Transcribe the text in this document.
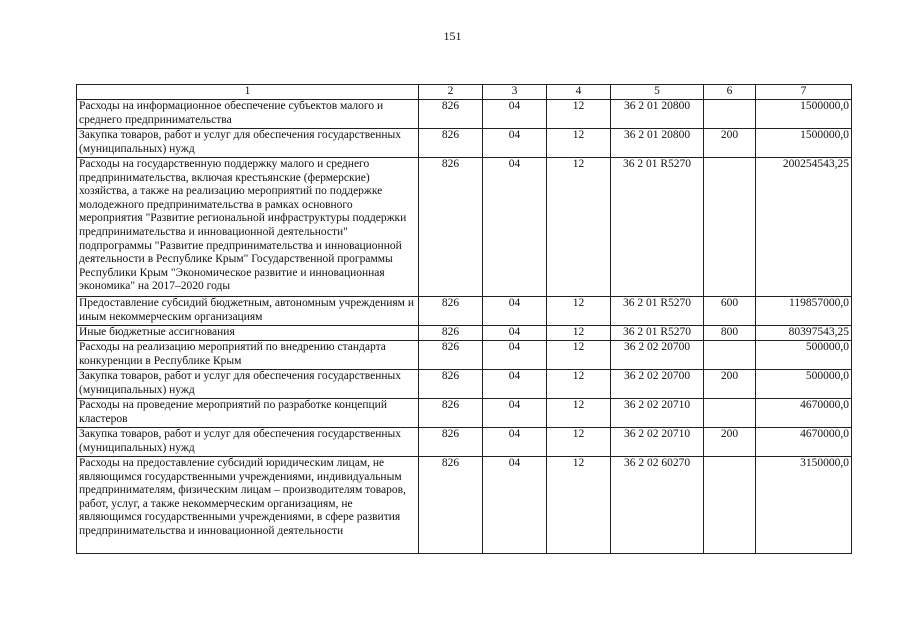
151
1	2	3	4	5	6	7
Расходы на информационное обеспечение субъектов малого и среднего предпринимательства	826	04	12	36 2 01 20800		1500000,0
Закупка товаров, работ и услуг для обеспечения государственных (муниципальных) нужд	826	04	12	36 2 01 20800	200	1500000,0
Расходы на государственную поддержку малого и среднего предпринимательства, включая крестьянские (фермерские) хозяйства, а также на реализацию мероприятий по поддержке молодежного предпринимательства в рамках основного мероприятия "Развитие региональной инфраструктуры поддержки предпринимательства и инновационной деятельности" подпрограммы "Развитие предпринимательства и инновационной деятельности в Республике Крым" Государственной программы Республики Крым "Экономическое развитие и инновационная экономика" на 2017–2020 годы	826	04	12	36 2 01 R5270		200254543,25
Предоставление субсидий бюджетным, автономным учреждениям и иным некоммерческим организациям	826	04	12	36 2 01 R5270	600	119857000,0
Иные бюджетные ассигнования	826	04	12	36 2 01 R5270	800	80397543,25
Расходы на реализацию мероприятий по внедрению стандарта конкуренции в Республике Крым	826	04	12	36 2 02 20700		500000,0
Закупка товаров, работ и услуг для обеспечения государственных (муниципальных) нужд	826	04	12	36 2 02 20700	200	500000,0
Расходы на проведение мероприятий по разработке концепций кластеров	826	04	12	36 2 02 20710		4670000,0
Закупка товаров, работ и услуг для обеспечения государственных (муниципальных) нужд	826	04	12	36 2 02 20710	200	4670000,0
Расходы на предоставление субсидий юридическим лицам, не являющимся государственными учреждениями, индивидуальным предпринимателям, физическим лицам – производителям товаров, работ, услуг, а также некоммерческим организациям, не являющимся государственными учреждениями, в сфере развития предпринимательства и инновационной деятельности	826	04	12	36 2 02 60270		3150000,0
